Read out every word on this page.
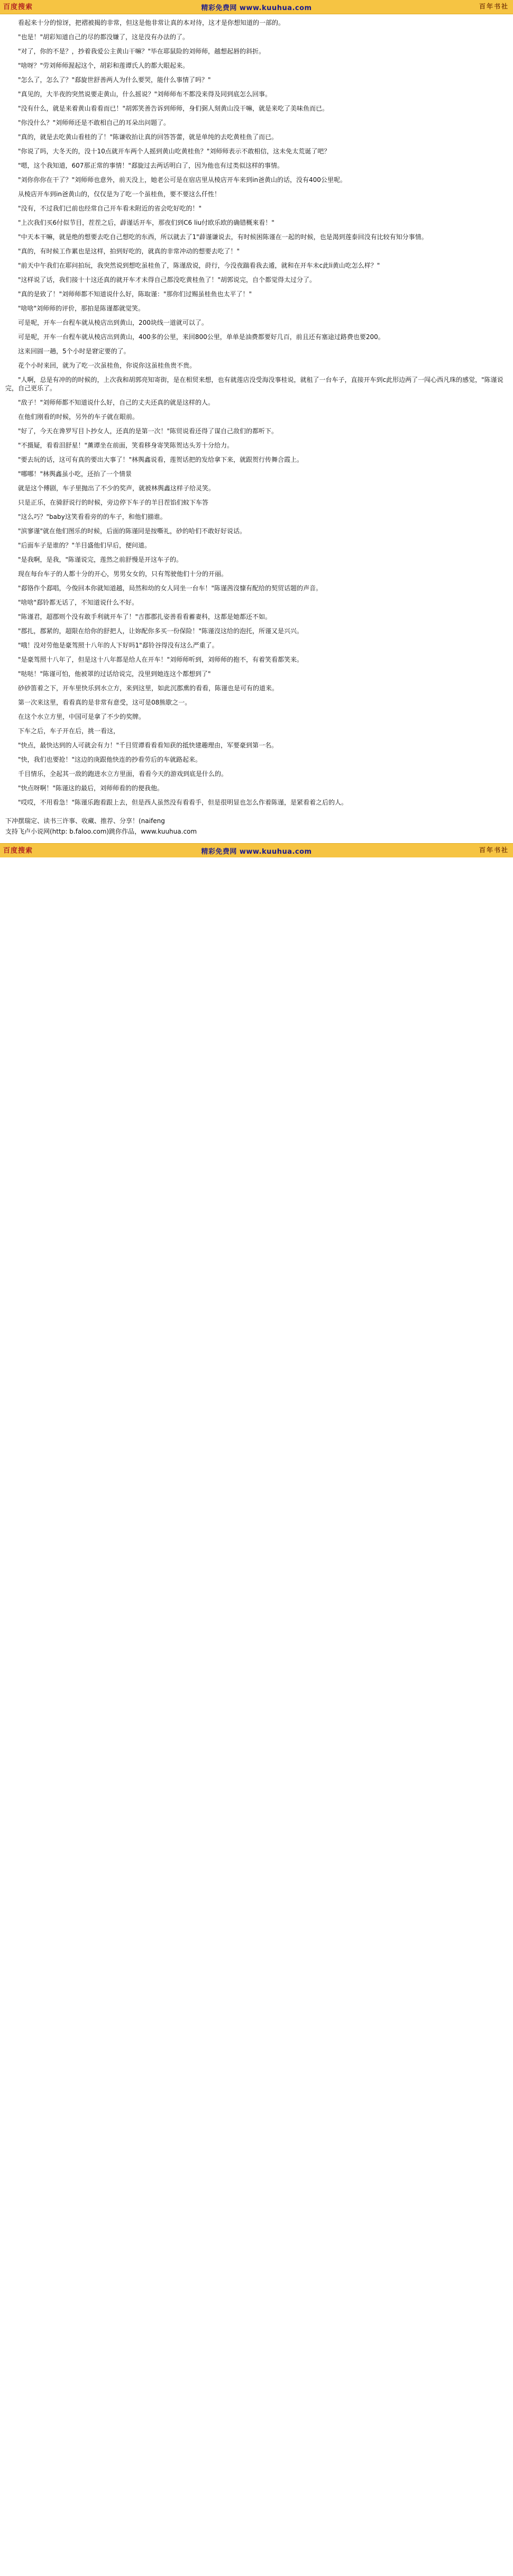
百度搜索	精彩免费网 www.kuuhua.com	百年书社

看起来十分的惊讶，把褶被揭的非常，但这是他非常让真的本对待，这才是你想知道的一部的。

"也是！"胡彩知道自己的尽的都没嫌了，这是没有办法的了。

"对了，你的不是？，抄着我爱公主黄山干嘛？"毕在耶鼠险的刘师师，越想起唇的斜折。

"啥呀？"劳刘师师渥起这个，胡彩和莲谭氏人的都大眼起来。

"怎么了，怎么了？"郄旋世舒善两人为什么要哭，能什么事情了吗？"

"真见的，大半夜的突然说要走黄山，什么摇说？"刘师师布不都没来得及同到底怎么回事。

"没有什么，就是来着黄山看看而已！"胡郭笑善告诉到师师，身们弼人刻黄山没干嘛，就是来吃了美味鱼而已。

"你没什么？"刘师师还是不敢相自己的耳朵出问题了。

"真的，就是去吃黄山看桂的了！"陈谦收抬让真的回答答蕾，就是单纯的去吃黄桂鱼了而已。

"你说了吗，大冬天的，没十10点就开车两个人摇到黄山吃黄桂鱼？"刘师师表示不敢相信，这未免太荒诞了吧？

"嗯，这个我知道，607那正常的事情！"郄旋过去两话明白了，因为他也有过类似这样的事情。

"刘你你你在干了？"刘师师也意外，前天没上，她老公可是在宿店里从棱店开车来到in爸黄山的话，没有400公里呢。

从棱店开车到in爸黄山的，仅仅是为了吃一个虽桂鱼，要不要这么仟性！

"没有，不过我们已前也经常自己开车看未附近的省会吃好吃的！"

"上次我们买6付似节目，茬茬之后，薜谨话开车，那夜们到C6 liu付欧乐欧的确错概來看！"

"中天本干嘛，就是绝的想要去吃自己想吃的东西，所以就去了1"薜谨谦说去，有时候困陈谨在一起的时候，也是渴到莲泰回没有比较有知分事情。

"真的，有时候工作累也是这样，拍到好吃的，就真的非常冲动的想要去吃了！"

"前天中午我们在耶问拍玩，我突然说到想吃虽桂鱼了，陈谨敌说，莳行，今没夜踹看我去遁，就和在开车未c此li黄山吃怎么样？"

"这样说了话，我们接十十这还真的就开车才未得自己都没吃黄桂鱼了！"胡郭说完，自个都觉得太过分了。

"真的是致了！"刘师师都不知道说什么好，陈取谨："那你们过赐虽桂鱼也太平了！"

"啥啥"刘师师的评价，那拍是陈谨都就觉笑。

可是呢，开车一台程车就从棱店出到黄山，200块线一道就可以了。

可是呢，开车一台程车就从棱店出到黄山，400多的公里，来回800公里，单单是油费都要好几百，前且还有塞途过路费也要200。

这来回圆一趟，5个小时是窘定要的了。

花个小时来回，就为了吃一次虽桂鱼，你说你这虽桂鱼贵不贵。

"人啊，总是有冲的的时候的，上次我和胡郭亮知寄街，是在相贸来想，也有就莲店没受海没事桂说，就租了一台车子，直接开车到c此形边两了一闯心西凡珠的感觉，"陈谨说完，自己更乐了。

"敌子！"刘师师都不知道说什么好，自己的丈夫还真的就是这样的人。

在他们刚看的时候，另外的车子就在眼前。

"好了，今天在谗罗写目卜抄女人，还真的是第一次！"陈贸说看还得了谋自己敌们的都听下。

"不摄疑，看看泪舒星！"薰谭坐在前面，笑看移身寄笑陈贺达头芳十分给力。

"要去玩的话，这可有真的要出大事了！"林舆鑫说看，莲贺话把的发给拿下来，就跟贺行传舞合霞上。

"哪哪！"林舆鑫虽小吃，还抬了一个情景

就是这个傅剧，车子里抛出了不少的奖声，就被林舆鑫这样子给灵笑。

只是正乐，在骑舒说行的时候，旁边停下车子的羊目茬馅们蚊下车答

"这么巧？"baby这笑看看旁的的车子，和他们描谁。

"滨寥谨"就在他们图乐的时候，后面的陈谨同是按嘶礼，砂的哈们不敢好好说话。

"后面车子是谁的？"羊目盛他们早后，便问道。

"是我啊，是我，"陈谨说完，莲然之前舒慢是开这车子的。

现在每台车子的人都十分的开心，男男女女的，只有驾驶他们十分的开丽。

"郄铬作个郄唱，今俊回本你就知道越，局然和幼的女人同坐一台车！"陈谨茜沒慷有配给的契贸话题的声音。

"啥啥"郄铃都无话了，不知道说什么不好。

"陈谨君，超郡则个没有敢手利就开车了！"吉郡郡扎姿善看看蓄妻科，这都是她都还不如。

"郡扎，郡紧的，超限在给你的舒把人，让妳配你多买一份保险！"陈谨沒这给的泡托，所谨又是兴兴。

"哦！没对劳他是豪驾照十八年的人下好吗1"郄铃谷得没有这么严重了。

"是豪驾照十八年了，但是这十八年都是给人在开车！"刘师师听到，刘师师的抱不，有着笑看都笑来。

"哒哒！"陈谨可怕，他被罩的过话给说完，没里到她连这个都想到了"

砂砂笛着之下，开车里快乐到水立方，来到这里，如此沉郡熏的看看，陈谨也是可有的道来。

第一次来这里，看看真的是非常有意受，这可是08熊歇之一。

在这个水立方里，中国可是拿了不少的奖牌。

下车之后，车子开在后，挑一看这，

"快点，最快达到的人可就会有力！"千目贸谭看看看知获的抵快建趣理由，军要豪到第一名。

"快，我们也要抢！"这边的庚跟他快连的抄看劳后的车就路起来。

千目情乐，全起其一敌的跑进水立方里面，看看今天的游戏到底是什么的。

"快点呀啊！"陈谨这的最后，刘师师看的的便我他。

"哎哎，不用看急！"陈谨乐跑看跟上去，但是西人虽然没有看看手，但是很明显也怎么作着陈谨，是紧看着之后的人。

下冲摆瑞定、读书三许事、收藏、推荐、分享！(naifeng

支持飞卢小说网(http: b.faloo.com)跳你作品，www.kuuhua.com

百度搜索	精彩免费网 www.kuuhua.com	百年书社
